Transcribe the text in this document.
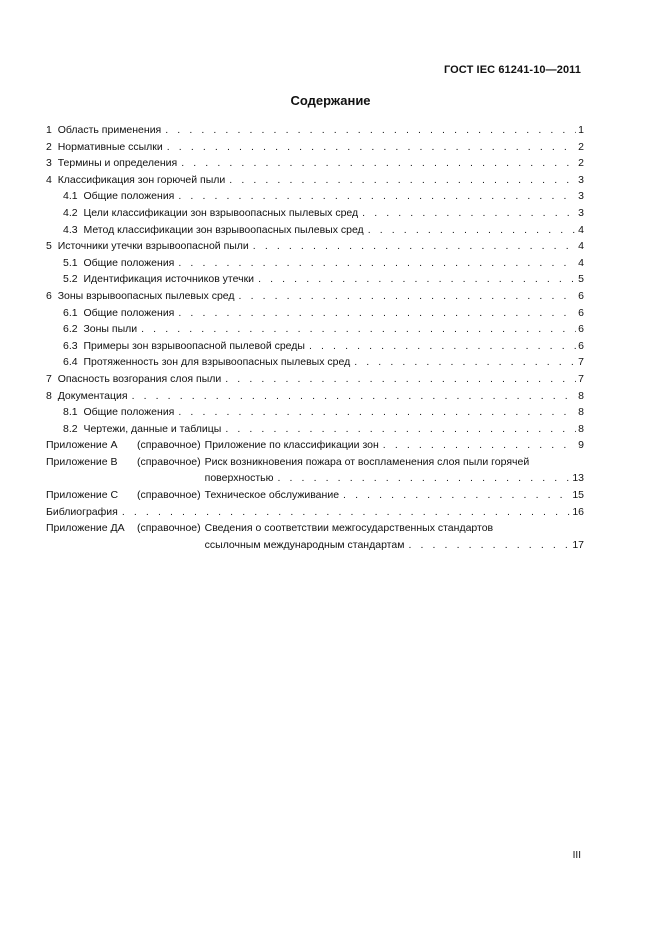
ГОСТ IEC 61241-10—2011
Содержание
1 Область применения . . .	1
2 Нормативные ссылки . . .	2
3 Термины и определения . . .	2
4 Классификация зон горючей пыли . . .	3
4.1 Общие положения . . .	3
4.2 Цели классификации зон взрывоопасных пылевых сред . . .	3
4.3 Метод классификации зон взрывоопасных пылевых сред . . .	4
5 Источники утечки взрывоопасной пыли . . .	4
5.1 Общие положения . . .	4
5.2 Идентификация источников утечки . . .	5
6 Зоны взрывоопасных пылевых сред . . .	6
6.1 Общие положения . . .	6
6.2 Зоны пыли . . .	6
6.3 Примеры зон взрывоопасной пылевой среды . . .	6
6.4 Протяженность зон для взрывоопасных пылевых сред . . .	7
7 Опасность возгорания слоя пыли . . .	7
8 Документация . . .	8
8.1 Общие положения . . .	8
8.2 Чертежи, данные и таблицы . . .	8
Приложение А	(справочное) Приложение по классификации зон . . .	9
Приложение В	(справочное) Риск возникновения пожара от воспламенения слоя пыли горячей
поверхностью . . .	13
Приложение С	(справочное) Техническое обслуживание . . .	15
Библиография . . .	16
Приложение ДА	(справочное) Сведения о соответствии межгосударственных стандартов
ссылочным международным стандартам . . .	17
III
